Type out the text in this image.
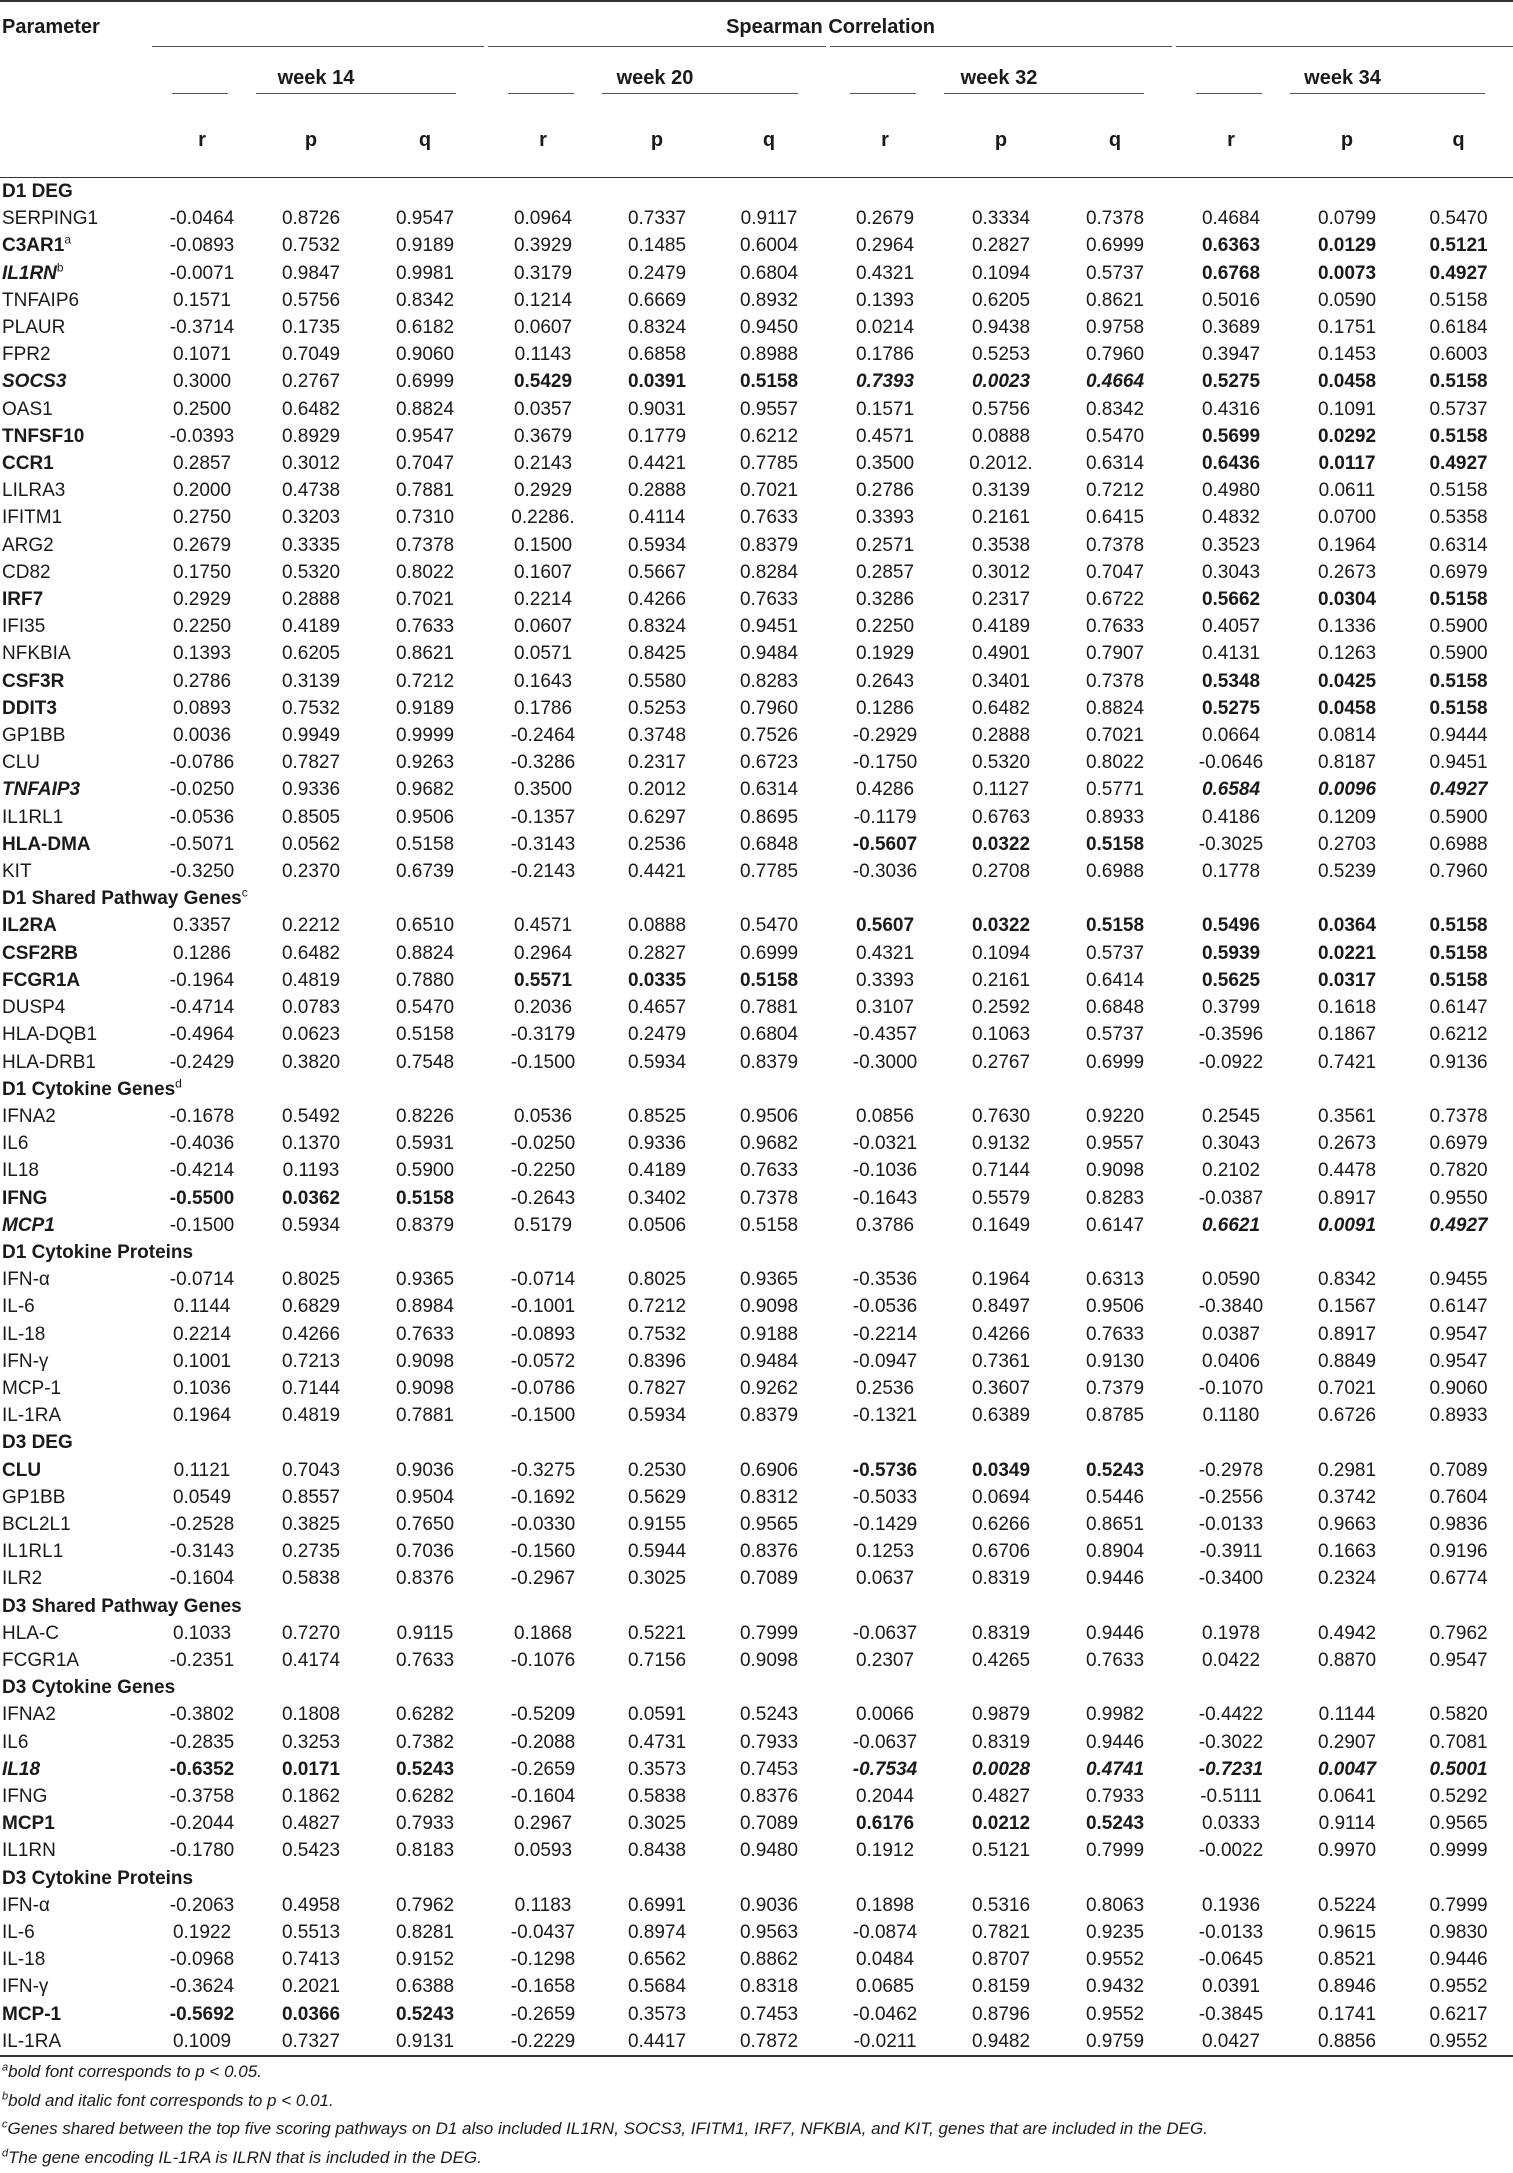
Parameter	Spearman Correlation											

week 14			week 20			week 32			week 34		

r	p	q	r	p	q	r	p	q	r	p	q
D1 DEG												
SERPING1	-0.0464	0.8726	0.9547	0.0964	0.7337	0.9117	0.2679	0.3334	0.7378	0.4684	0.0799	0.5470
C3AR1$^a$	-0.0893	0.7532	0.9189	0.3929	0.1485	0.6004	0.2964	0.2827	0.6999	0.6363	0.0129	0.5121
$IL1RN^b$	-0.0071	0.9847	0.9981	0.3179	0.2479	0.6804	0.4321	0.1094	0.5737	0.6768	0.0073	0.4927
TNFAIP6	0.1571	0.5756	0.8342	0.1214	0.6669	0.8932	0.1393	0.6205	0.8621	0.5016	0.0590	0.5158
PLAUR	-0.3714	0.1735	0.6182	0.0607	0.8324	0.9450	0.0214	0.9438	0.9758	0.3689	0.1751	0.6184
FPR2	0.1071	0.7049	0.9060	0.1143	0.6858	0.8988	0.1786	0.5253	0.7960	0.3947	0.1453	0.6003
SOCS3	0.3000	0.2767	0.6999	0.5429	0.0391	0.5158	0.7393	0.0023	0.4664	0.5275	0.0458	0.5158
OAS1	0.2500	0.6482	0.8824	0.0357	0.9031	0.9557	0.1571	0.5756	0.8342	0.4316	0.1091	0.5737
TNFSF10	-0.0393	0.8929	0.9547	0.3679	0.1779	0.6212	0.4571	0.0888	0.5470	0.5699	0.0292	0.5158
CCR1	0.2857	0.3012	0.7047	0.2143	0.4421	0.7785	0.3500	0.2012.	0.6314	0.6436	0.0117	0.4927
LILRA3	0.2000	0.4738	0.7881	0.2929	0.2888	0.7021	0.2786	0.3139	0.7212	0.4980	0.0611	0.5158
IFITM1	0.2750	0.3203	0.7310	0.2286.	0.4114	0.7633	0.3393	0.2161	0.6415	0.4832	0.0700	0.5358
ARG2	0.2679	0.3335	0.7378	0.1500	0.5934	0.8379	0.2571	0.3538	0.7378	0.3523	0.1964	0.6314
CD82	0.1750	0.5320	0.8022	0.1607	0.5667	0.8284	0.2857	0.3012	0.7047	0.3043	0.2673	0.6979
IRF7	0.2929	0.2888	0.7021	0.2214	0.4266	0.7633	0.3286	0.2317	0.6722	0.5662	0.0304	0.5158
IFI35	0.2250	0.4189	0.7633	0.0607	0.8324	0.9451	0.2250	0.4189	0.7633	0.4057	0.1336	0.5900
NFKBIA	0.1393	0.6205	0.8621	0.0571	0.8425	0.9484	0.1929	0.4901	0.7907	0.4131	0.1263	0.5900
CSF3R	0.2786	0.3139	0.7212	0.1643	0.5580	0.8283	0.2643	0.3401	0.7378	0.5348	0.0425	0.5158
DDIT3	0.0893	0.7532	0.9189	0.1786	0.5253	0.7960	0.1286	0.6482	0.8824	0.5275	0.0458	0.5158
GP1BB	0.0036	0.9949	0.9999	-0.2464	0.3748	0.7526	-0.2929	0.2888	0.7021	0.0664	0.0814	0.9444
CLU	-0.0786	0.7827	0.9263	-0.3286	0.2317	0.6723	-0.1750	0.5320	0.8022	-0.0646	0.8187	0.9451
TNFAIP3	-0.0250	0.9336	0.9682	0.3500	0.2012	0.6314	0.4286	0.1127	0.5771	0.6584	0.0096	0.4927
IL1RL1	-0.0536	0.8505	0.9506	-0.1357	0.6297	0.8695	-0.1179	0.6763	0.8933	0.4186	0.1209	0.5900
HLA-DMA	-0.5071	0.0562	0.5158	-0.3143	0.2536	0.6848	-0.5607	0.0322	0.5158	-0.3025	0.2703	0.6988
KIT	-0.3250	0.2370	0.6739	-0.2143	0.4421	0.7785	-0.3036	0.2708	0.6988	0.1778	0.5239	0.7960
D1 Shared Pathway Genes$^c$
IL2RA	0.3357	0.2212	0.6510	0.4571	0.0888	0.5470	0.5607	0.0322	0.5158	0.5496	0.0364	0.5158
CSF2RB	0.1286	0.6482	0.8824	0.2964	0.2827	0.6999	0.4321	0.1094	0.5737	0.5939	0.0221	0.5158
FCGR1A	-0.1964	0.4819	0.7880	0.5571	0.0335	0.5158	0.3393	0.2161	0.6414	0.5625	0.0317	0.5158
DUSP4	-0.4714	0.0783	0.5470	0.2036	0.4657	0.7881	0.3107	0.2592	0.6848	0.3799	0.1618	0.6147
HLA-DQB1	-0.4964	0.0623	0.5158	-0.3179	0.2479	0.6804	-0.4357	0.1063	0.5737	-0.3596	0.1867	0.6212
HLA-DRB1	-0.2429	0.3820	0.7548	-0.1500	0.5934	0.8379	-0.3000	0.2767	0.6999	-0.0922	0.7421	0.9136
D1 Cytokine Genes$^d$
IFNA2	-0.1678	0.5492	0.8226	0.0536	0.8525	0.9506	0.0856	0.7630	0.9220	0.2545	0.3561	0.7378
IL6	-0.4036	0.1370	0.5931	-0.0250	0.9336	0.9682	-0.0321	0.9132	0.9557	0.3043	0.2673	0.6979
IL18	-0.4214	0.1193	0.5900	-0.2250	0.4189	0.7633	-0.1036	0.7144	0.9098	0.2102	0.4478	0.7820
IFNG	-0.5500	0.0362	0.5158	-0.2643	0.3402	0.7378	-0.1643	0.5579	0.8283	-0.0387	0.8917	0.9550
MCP1	-0.1500	0.5934	0.8379	0.5179	0.0506	0.5158	0.3786	0.1649	0.6147	0.6621	0.0091	0.4927
D1 Cytokine Proteins												
IFN-α	-0.0714	0.8025	0.9365	-0.0714	0.8025	0.9365	-0.3536	0.1964	0.6313	0.0590	0.8342	0.9455
IL-6	0.1144	0.6829	0.8984	-0.1001	0.7212	0.9098	-0.0536	0.8497	0.9506	-0.3840	0.1567	0.6147
IL-18	0.2214	0.4266	0.7633	-0.0893	0.7532	0.9188	-0.2214	0.4266	0.7633	0.0387	0.8917	0.9547
IFN-γ	0.1001	0.7213	0.9098	-0.0572	0.8396	0.9484	-0.0947	0.7361	0.9130	0.0406	0.8849	0.9547
MCP-1	0.1036	0.7144	0.9098	-0.0786	0.7827	0.9262	0.2536	0.3607	0.7379	-0.1070	0.7021	0.9060
IL-1RA	0.1964	0.4819	0.7881	-0.1500	0.5934	0.8379	-0.1321	0.6389	0.8785	0.1180	0.6726	0.8933
D3 DEG												
CLU	0.1121	0.7043	0.9036	-0.3275	0.2530	0.6906	-0.5736	0.0349	0.5243	-0.2978	0.2981	0.7089
GP1BB	0.0549	0.8557	0.9504	-0.1692	0.5629	0.8312	-0.5033	0.0694	0.5446	-0.2556	0.3742	0.7604
BCL2L1	-0.2528	0.3825	0.7650	-0.0330	0.9155	0.9565	-0.1429	0.6266	0.8651	-0.0133	0.9663	0.9836
IL1RL1	-0.3143	0.2735	0.7036	-0.1560	0.5944	0.8376	0.1253	0.6706	0.8904	-0.3911	0.1663	0.9196
ILR2	-0.1604	0.5838	0.8376	-0.2967	0.3025	0.7089	0.0637	0.8319	0.9446	-0.3400	0.2324	0.6774
D3 Shared Pathway Genes												
HLA-C	0.1033	0.7270	0.9115	0.1868	0.5221	0.7999	-0.0637	0.8319	0.9446	0.1978	0.4942	0.7962
FCGR1A	-0.2351	0.4174	0.7633	-0.1076	0.7156	0.9098	0.2307	0.4265	0.7633	0.0422	0.8870	0.9547
D3 Cytokine Genes												
IFNA2	-0.3802	0.1808	0.6282	-0.5209	0.0591	0.5243	0.0066	0.9879	0.9982	-0.4422	0.1144	0.5820
IL6	-0.2835	0.3253	0.7382	-0.2088	0.4731	0.7933	-0.0637	0.8319	0.9446	-0.3022	0.2907	0.7081
IL18	-0.6352	0.0171	0.5243	-0.2659	0.3573	0.7453	-0.7534	0.0028	0.4741	-0.7231	0.0047	0.5001
IFNG	-0.3758	0.1862	0.6282	-0.1604	0.5838	0.8376	0.2044	0.4827	0.7933	-0.5111	0.0641	0.5292
MCP1	-0.2044	0.4827	0.7933	0.2967	0.3025	0.7089	0.6176	0.0212	0.5243	0.0333	0.9114	0.9565
IL1RN	-0.1780	0.5423	0.8183	0.0593	0.8438	0.9480	0.1912	0.5121	0.7999	-0.0022	0.9970	0.9999
D3 Cytokine Proteins												
IFN-α	-0.2063	0.4958	0.7962	0.1183	0.6991	0.9036	0.1898	0.5316	0.8063	0.1936	0.5224	0.7999
IL-6	0.1922	0.5513	0.8281	-0.0437	0.8974	0.9563	-0.0874	0.7821	0.9235	-0.0133	0.9615	0.9830
IL-18	-0.0968	0.7413	0.9152	-0.1298	0.6562	0.8862	0.0484	0.8707	0.9552	-0.0645	0.8521	0.9446
IFN-γ	-0.3624	0.2021	0.6388	-0.1658	0.5684	0.8318	0.0685	0.8159	0.9432	0.0391	0.8946	0.9552
MCP-1	-0.5692	0.0366	0.5243	-0.2659	0.3573	0.7453	-0.0462	0.8796	0.9552	-0.3845	0.1741	0.6217
IL-1RA	0.1009	0.7327	0.9131	-0.2229	0.4417	0.7872	-0.0211	0.9482	0.9759	0.0427	0.8856	0.9552
$^a$bold font corresponds to p < 0.05.
$^b$bold and italic font corresponds to p < 0.01.
$^c$Genes shared between the top five scoring pathways on D1 also included IL1RN, SOCS3, IFITM1, IRF7, NFKBIA, and KIT, genes that are included in the DEG.
$^d$The gene encoding IL-1RA is ILRN that is included in the DEG.
